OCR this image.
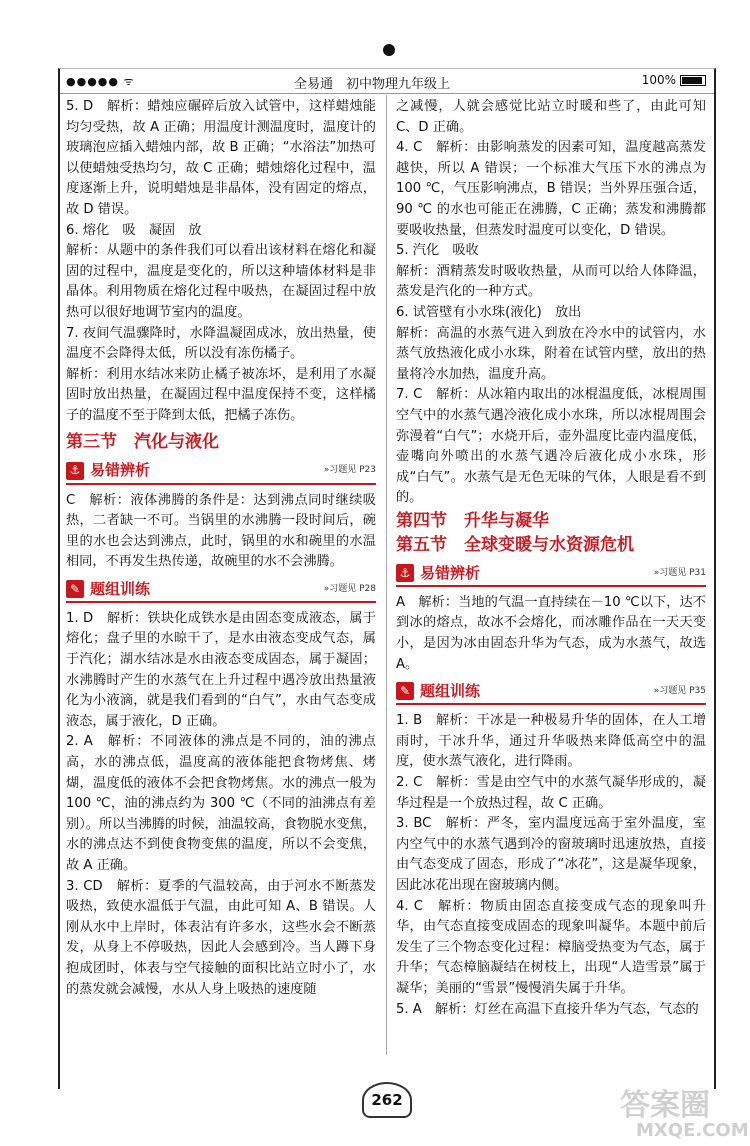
●●●●● ᯤ	全易通　初中物理九年级上	100%

5. D　解析：蜡烛应碾碎后放入试管中，这样蜡烛能均匀受热，故 A 正确；用温度计测温度时，温度计的玻璃泡应插入蜡烛内部，故 B 正确；“水浴法”加热可以使蜡烛受热均匀，故 C 正确；蜡烛熔化过程中，温度逐渐上升，说明蜡烛是非晶体，没有固定的熔点，故 D 错误。

6. 熔化　吸　凝固　放

解析：从题中的条件我们可以看出该材料在熔化和凝固的过程中，温度是变化的，所以这种墙体材料是非晶体。利用物质在熔化过程中吸热，在凝固过程中放热可以很好地调节室内的温度。

7. 夜间气温骤降时，水降温凝固成冰，放出热量，使温度不会降得太低，所以没有冻伤橘子。

解析：利用水结冰来防止橘子被冻坏，是利用了水凝固时放出热量，在凝固过程中温度保持不变，这样橘子的温度不至于降到太低，把橘子冻伤。

第三节　汽化与液化
⚓ 易错辨析	»习题见 P23

C　解析：液体沸腾的条件是：达到沸点同时继续吸热，二者缺一不可。当锅里的水沸腾一段时间后，碗里的水也会达到沸点，此时，锅里的水和碗里的水温相同，不再发生热传递，故碗里的水不会沸腾。

✎ 题组训练	»习题见 P28

1. D　解析：铁块化成铁水是由固态变成液态，属于熔化；盘子里的水晾干了，是水由液态变成气态，属于汽化；湖水结冰是水由液态变成固态，属于凝固；水沸腾时产生的水蒸气在上升过程中遇冷放出热量液化为小液滴，就是我们看到的“白气”，水由气态变成液态，属于液化，D 正确。

2. A　解析：不同液体的沸点是不同的，油的沸点高，水的沸点低，温度高的液体能把食物烤焦、烤煳，温度低的液体不会把食物烤焦。水的沸点一般为100 ℃，油的沸点约为 300 ℃（不同的油沸点有差别）。所以当沸腾的时候，油温较高，食物脱水变焦，水的沸点达不到使食物变焦的温度，所以不会变焦，故 A 正确。

3. CD　解析：夏季的气温较高，由于河水不断蒸发吸热，致使水温低于气温，由此可知 A、B 错误。人刚从水中上岸时，体表沾有许多水，这些水会不断蒸发，从身上不停吸热，因此人会感到冷。当人蹲下身抱成团时，体表与空气接触的面积比站立时小了，水的蒸发就会减慢，水从人身上吸热的速度随

之减慢，人就会感觉比站立时暖和些了，由此可知 C、D 正确。

4. C　解析：由影响蒸发的因素可知，温度越高蒸发越快，所以 A 错误；一个标准大气压下水的沸点为 100 ℃，气压影响沸点，B 错误；当外界压强合适，90 ℃ 的水也可能正在沸腾，C 正确；蒸发和沸腾都要吸收热量，但蒸发时温度可以变化，D 错误。

5. 汽化　吸收

解析：酒精蒸发时吸收热量，从而可以给人体降温，蒸发是汽化的一种方式。

6. 试管壁有小水珠(液化)　放出

解析：高温的水蒸气进入到放在冷水中的试管内，水蒸气放热液化成小水珠，附着在试管内壁，放出的热量将冷水加热，温度升高。

7. C　解析：从冰箱内取出的冰棍温度低，冰棍周围空气中的水蒸气遇冷液化成小水珠，所以冰棍周围会弥漫着“白气”；水烧开后，壶外温度比壶内温度低，壶嘴向外喷出的水蒸气遇冷后液化成小水珠，形成“白气”。水蒸气是无色无味的气体，人眼是看不到的。

第四节　升华与凝华
第五节　全球变暖与水资源危机
⚓ 易错辨析	»习题见 P31

A　解析：当地的气温一直持续在－10 ℃以下，达不到冰的熔点，故冰不会熔化，而冰雕作品在一天天变小，是因为冰由固态升华为气态，成为水蒸气，故选 A。

✎ 题组训练	»习题见 P35

1. B　解析：干冰是一种极易升华的固体，在人工增雨时，干冰升华，通过升华吸热来降低高空中的温度，使水蒸气液化，进行降雨。

2. C　解析：雪是由空气中的水蒸气凝华形成的，凝华过程是一个放热过程，故 C 正确。

3. BC　解析：严冬，室内温度远高于室外温度，室内空气中的水蒸气遇到冷的窗玻璃时迅速放热，直接由气态变成了固态，形成了“冰花”，这是凝华现象，因此冰花出现在窗玻璃内侧。

4. C　解析：物质由固态直接变成气态的现象叫升华，由气态直接变成固态的现象叫凝华。本题中前后发生了三个物态变化过程：樟脑受热变为气态，属于升华；气态樟脑凝结在树枝上，出现“人造雪景”属于凝华；美丽的“雪景”慢慢消失属于升华。

5. A　解析：灯丝在高温下直接升华为气态，气态的

262	答案圈
MXQE.COM
